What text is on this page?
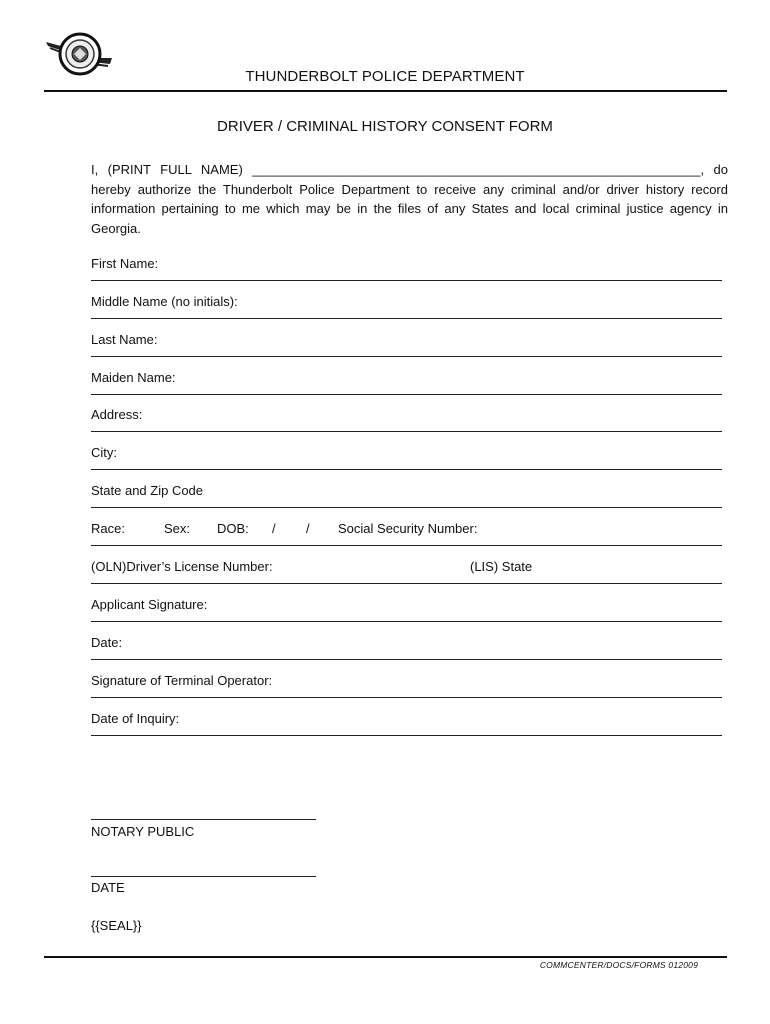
THUNDERBOLT POLICE DEPARTMENT
DRIVER / CRIMINAL HISTORY CONSENT FORM
I, (PRINT FULL NAME) ______________________________________________________________, do hereby authorize the Thunderbolt Police Department to receive any criminal and/or driver history record information pertaining to me which may be in the files of any States and local criminal justice agency in Georgia.
First Name:
Middle Name (no initials):
Last Name:
Maiden Name:
Address:
City:
State and Zip Code
Race:	Sex: DOB: / / Social Security Number:
(OLN)Driver’s License Number:	(LIS) State
Applicant Signature:
Date:
Signature of Terminal Operator:
Date of Inquiry:
NOTARY PUBLIC
DATE
{{SEAL}}
COMMCENTER/DOCS/FORMS 012009
